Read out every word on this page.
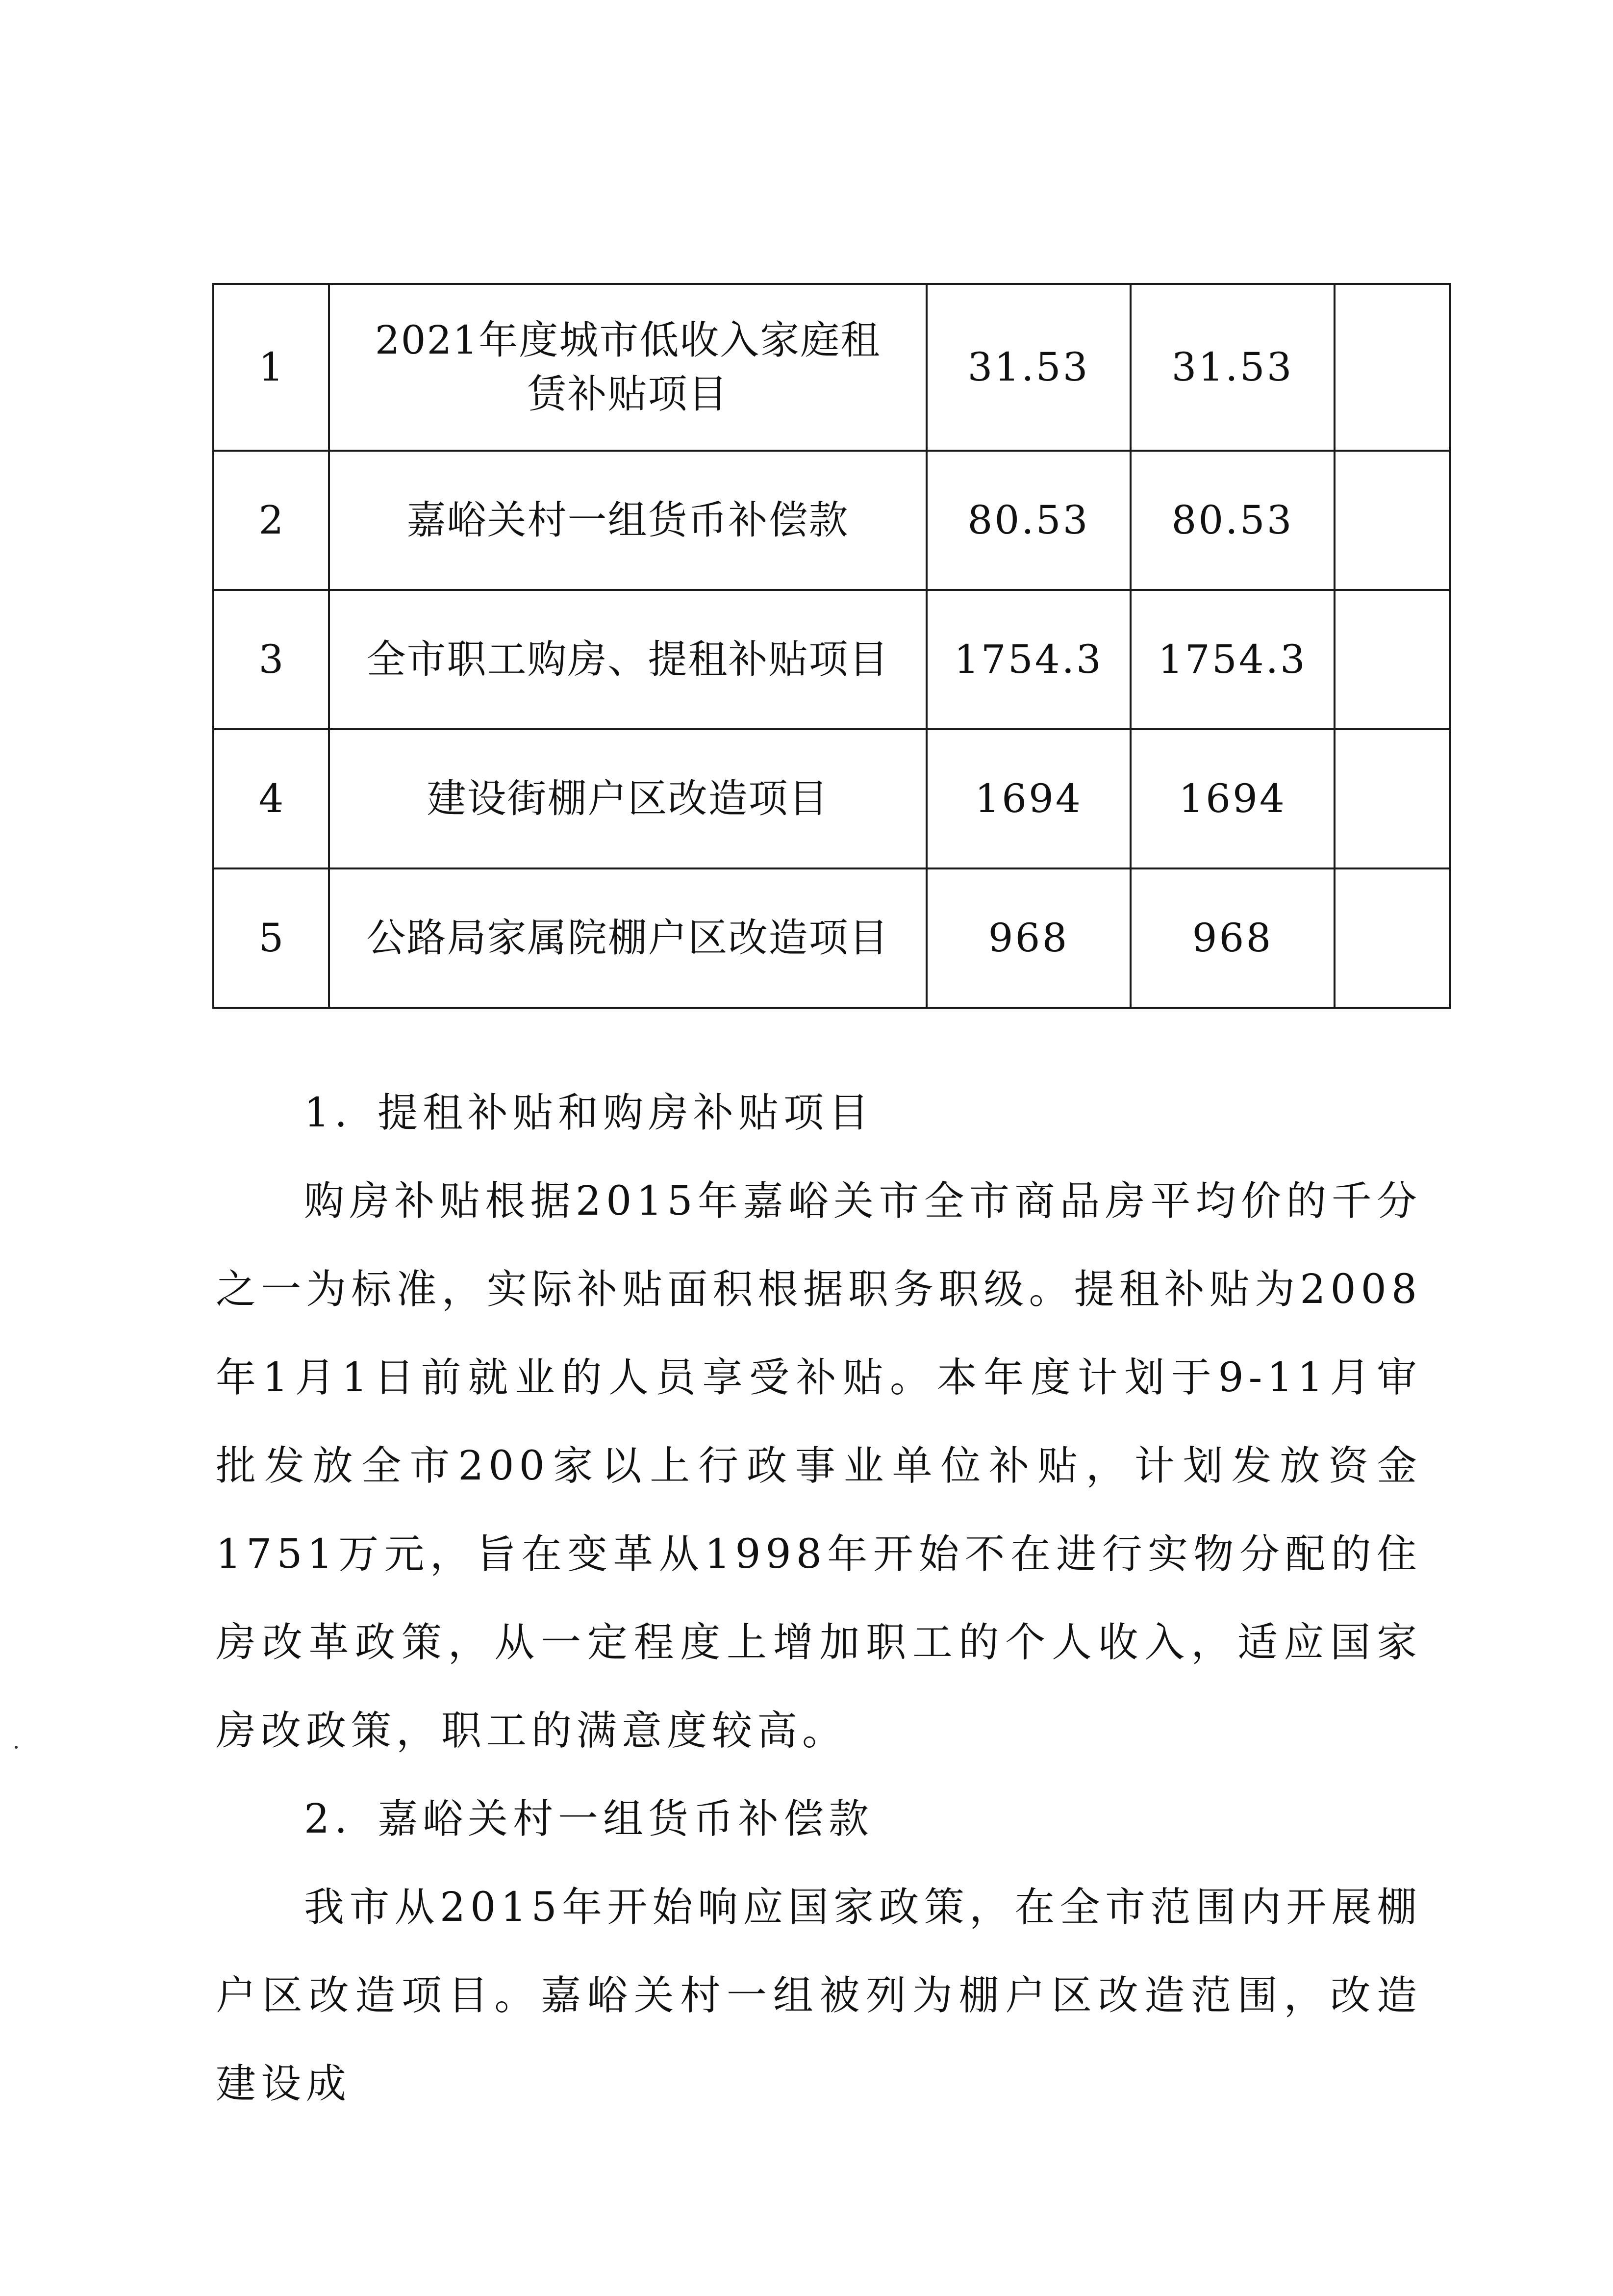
1	2021年度城市低收入家庭租赁补贴项目	31.53	31.53	
2	嘉峪关村一组货币补偿款	80.53	80.53	
3	全市职工购房、提租补贴项目	1754.3	1754.3	
4	建设街棚户区改造项目	1694	1694	
5	公路局家属院棚户区改造项目	968	968	
1. 提租补贴和购房补贴项目

购房补贴根据2015年嘉峪关市全市商品房平均价的千分之一为标准，实际补贴面积根据职务职级。提租补贴为2008年1月1日前就业的人员享受补贴。本年度计划于9-11月审批发放全市200家以上行政事业单位补贴，计划发放资金1751万元，旨在变革从1998年开始不在进行实物分配的住房改革政策，从一定程度上增加职工的个人收入，适应国家房改政策，职工的满意度较高。

2. 嘉峪关村一组货币补偿款

我市从2015年开始响应国家政策，在全市范围内开展棚户区改造项目。嘉峪关村一组被列为棚户区改造范围，改造建设成
